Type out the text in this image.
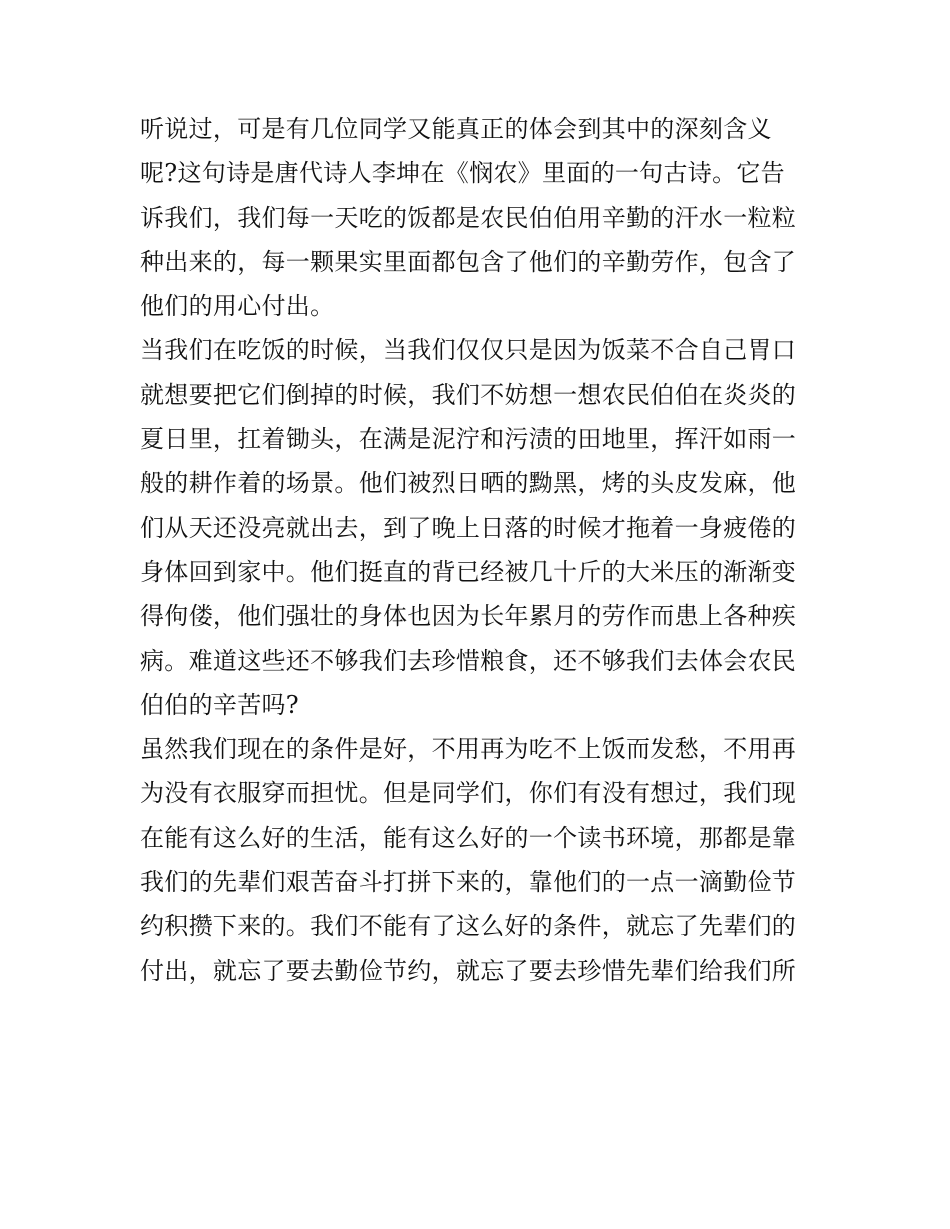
听说过，可是有几位同学又能真正的体会到其中的深刻含义
呢?这句诗是唐代诗人李坤在《悯农》里面的一句古诗。它告
诉我们，我们每一天吃的饭都是农民伯伯用辛勤的汗水一粒粒
种出来的，每一颗果实里面都包含了他们的辛勤劳作，包含了
他们的用心付出。
当我们在吃饭的时候，当我们仅仅只是因为饭菜不合自己胃口
就想要把它们倒掉的时候，我们不妨想一想农民伯伯在炎炎的
夏日里，扛着锄头，在满是泥泞和污渍的田地里，挥汗如雨一
般的耕作着的场景。他们被烈日晒的黝黑，烤的头皮发麻，他
们从天还没亮就出去，到了晚上日落的时候才拖着一身疲倦的
身体回到家中。他们挺直的背已经被几十斤的大米压的渐渐变
得佝偻，他们强壮的身体也因为长年累月的劳作而患上各种疾
病。难道这些还不够我们去珍惜粮食，还不够我们去体会农民
伯伯的辛苦吗?
虽然我们现在的条件是好，不用再为吃不上饭而发愁，不用再
为没有衣服穿而担忧。但是同学们，你们有没有想过，我们现
在能有这么好的生活，能有这么好的一个读书环境，那都是靠
我们的先辈们艰苦奋斗打拼下来的，靠他们的一点一滴勤俭节
约积攒下来的。我们不能有了这么好的条件，就忘了先辈们的
付出，就忘了要去勤俭节约，就忘了要去珍惜先辈们给我们所
